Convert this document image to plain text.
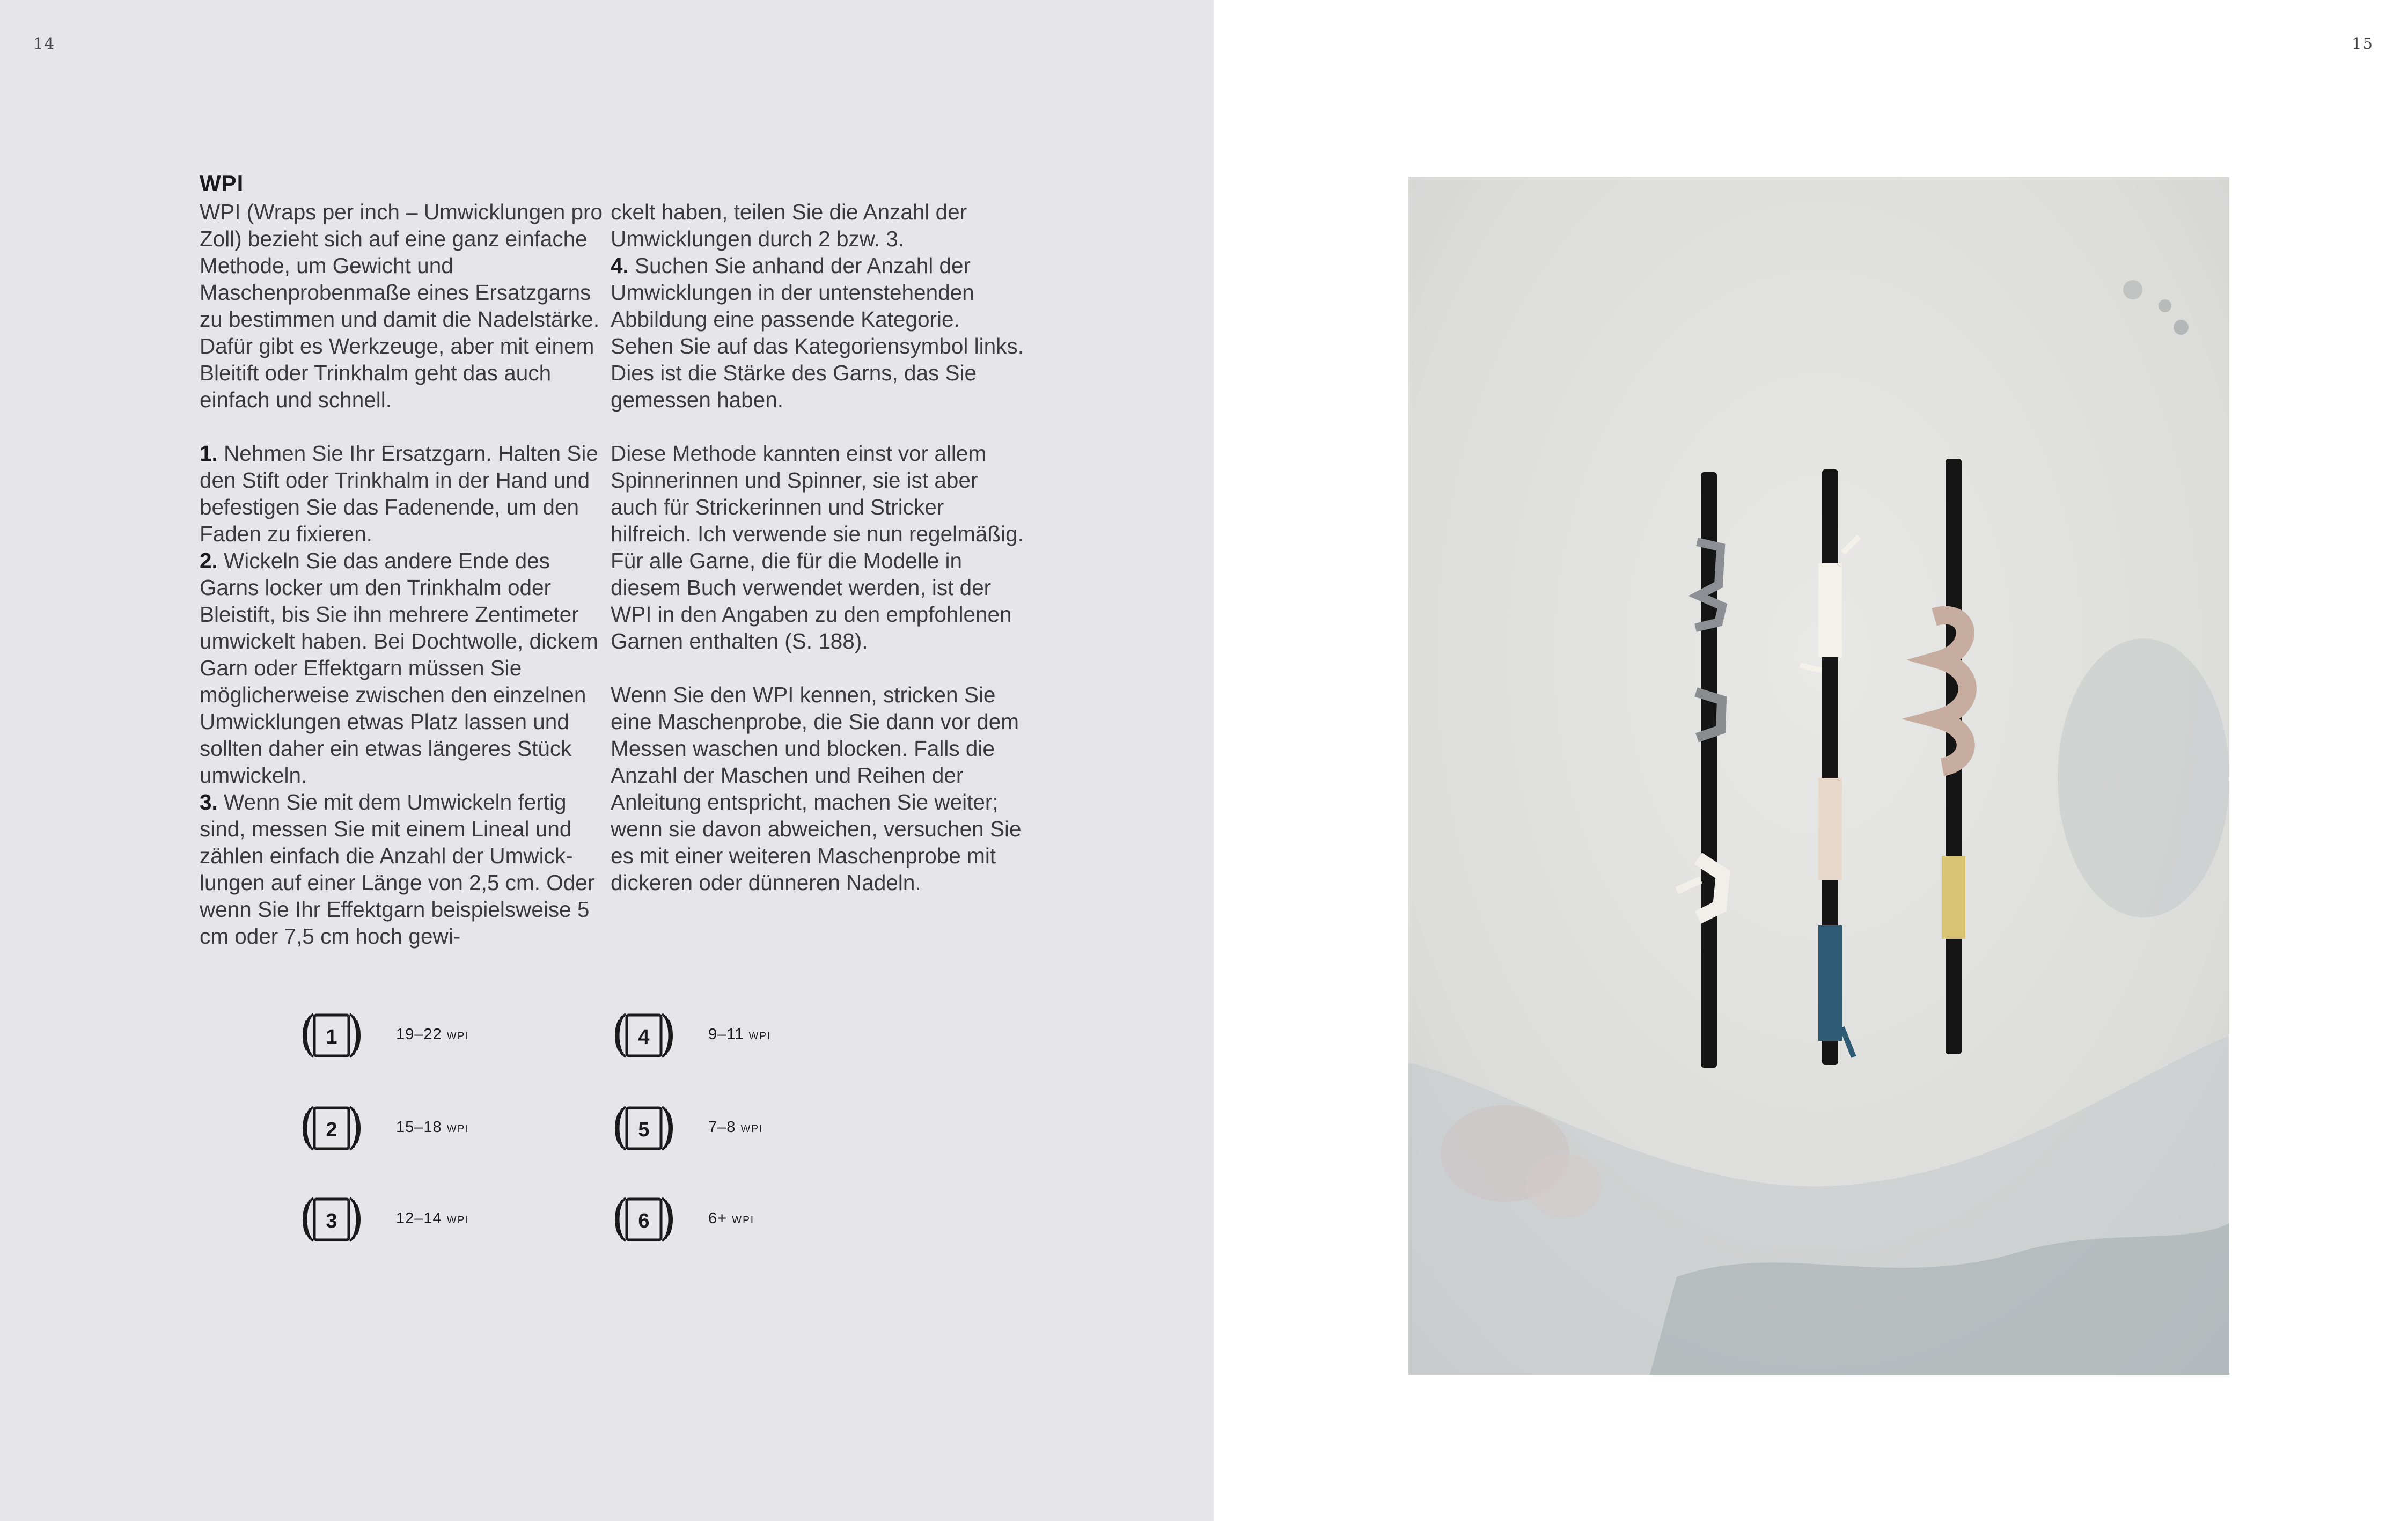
14
WPI

WPI (Wraps per inch – Umwicklungen pro Zoll) bezieht sich auf eine ganz einfache Methode, um Gewicht und Maschenprobenmaße eines Ersatzgarns zu bestimmen und damit die Nadelstärke. Dafür gibt es Werkzeuge, aber mit einem Bleitift oder Trinkhalm geht das auch einfach und schnell.

1. Nehmen Sie Ihr Ersatzgarn. Halten Sie den Stift oder Trinkhalm in der Hand und befestigen Sie das Fadenende, um den Faden zu fixieren.
2. Wickeln Sie das andere Ende des Garns locker um den Trinkhalm oder Bleistift, bis Sie ihn mehrere Zentimeter umwickelt haben. Bei Dochtwolle, dickem Garn oder Effektgarn müssen Sie möglicherweise zwischen den einzelnen Umwicklungen etwas Platz lassen und sollten daher ein etwas längeres Stück umwickeln.
3. Wenn Sie mit dem Umwickeln fertig sind, messen Sie mit einem Lineal und zählen einfach die Anzahl der Umwicklungen auf einer Länge von 2,5 cm. Oder wenn Sie Ihr Effektgarn beispielsweise 5 cm oder 7,5 cm hoch gewi-

ckelt haben, teilen Sie die Anzahl der Umwicklungen durch 2 bzw. 3.
4. Suchen Sie anhand der Anzahl der Umwicklungen in der untenstehenden Abbildung eine passende Kategorie. Sehen Sie auf das Kategoriensymbol links. Dies ist die Stärke des Garns, das Sie gemessen haben.

Diese Methode kannten einst vor allem Spinnerinnen und Spinner, sie ist aber auch für Strickerinnen und Stricker hilfreich. Ich verwende sie nun regelmäßig. Für alle Garne, die für die Modelle in diesem Buch verwendet werden, ist der WPI in den Angaben zu den empfohlenen Garnen enthalten (S. 188).

Wenn Sie den WPI kennen, stricken Sie eine Maschenprobe, die Sie dann vor dem Messen waschen und blocken. Falls die Anzahl der Maschen und Reihen der Anleitung entspricht, machen Sie weiter; wenn sie davon abweichen, versuchen Sie es mit einer weiteren Maschenprobe mit dickeren oder dünneren Nadeln.

1	19–22 WPI
2	15–18 WPI
3	12–14 WPI
4	9–11 WPI
5	7–8 WPI
6	6+ WPI
15
